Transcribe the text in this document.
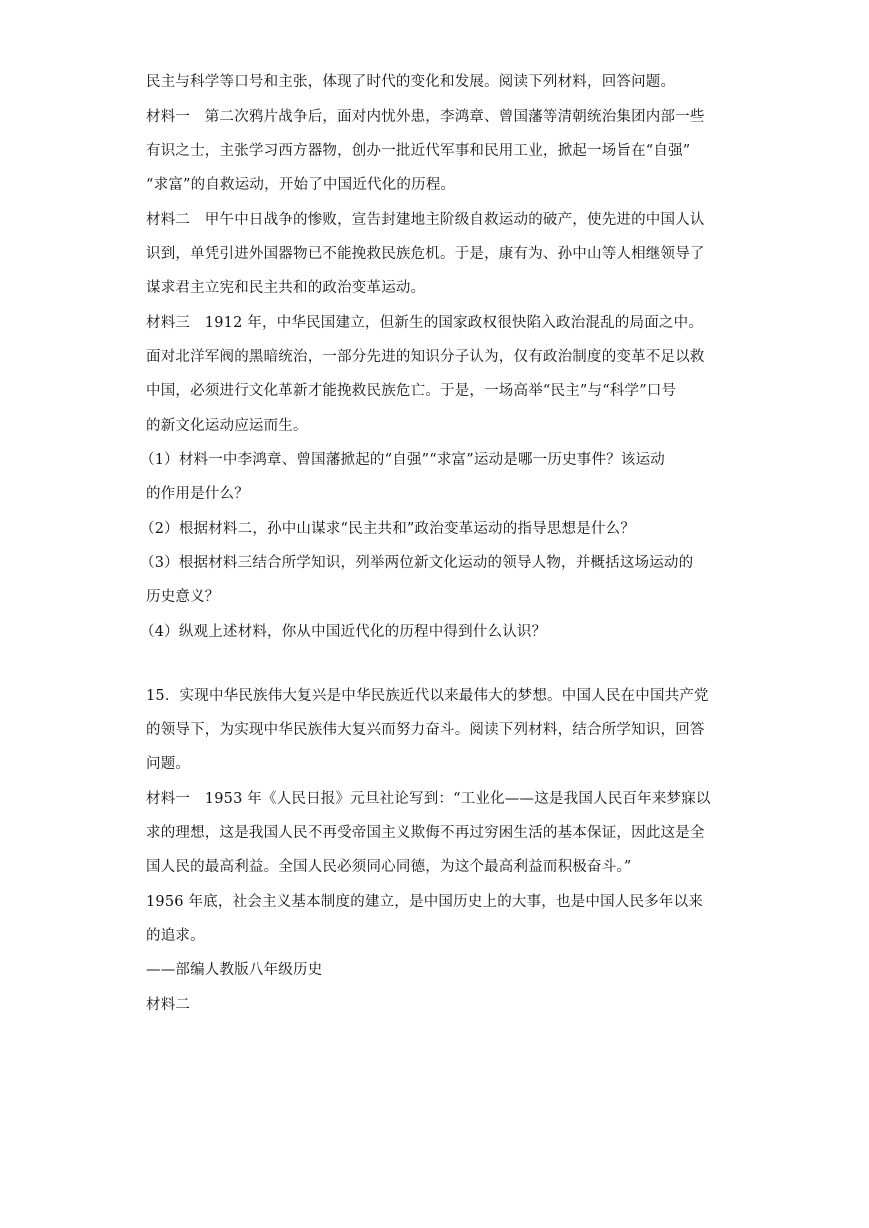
民主与科学等口号和主张，体现了时代的变化和发展。阅读下列材料，回答问题。
材料一　第二次鸦片战争后，面对内忧外患，李鸿章、曾国藩等清朝统治集团内部一些
有识之士，主张学习西方器物，创办一批近代军事和民用工业，掀起一场旨在“自强”
“求富”的自救运动，开始了中国近代化的历程。
材料二　甲午中日战争的惨败，宣告封建地主阶级自救运动的破产，使先进的中国人认
识到，单凭引进外国器物已不能挽救民族危机。于是，康有为、孙中山等人相继领导了
谋求君主立宪和民主共和的政治变革运动。
材料三　1912 年，中华民国建立，但新生的国家政权很快陷入政治混乱的局面之中。
面对北洋军阀的黑暗统治，一部分先进的知识分子认为，仅有政治制度的变革不足以救
中国，必须进行文化革新才能挽救民族危亡。于是，一场高举“民主”与“科学”口号
的新文化运动应运而生。
（1）材料一中李鸿章、曾国藩掀起的“自强”“求富”运动是哪一历史事件？该运动
的作用是什么？
（2）根据材料二，孙中山谋求“民主共和”政治变革运动的指导思想是什么？
（3）根据材料三结合所学知识，列举两位新文化运动的领导人物，并概括这场运动的
历史意义？
（4）纵观上述材料，你从中国近代化的历程中得到什么认识？
15．实现中华民族伟大复兴是中华民族近代以来最伟大的梦想。中国人民在中国共产党
的领导下，为实现中华民族伟大复兴而努力奋斗。阅读下列材料，结合所学知识，回答
问题。
材料一　1953 年《人民日报》元旦社论写到：“工业化——这是我国人民百年来梦寐以
求的理想，这是我国人民不再受帝国主义欺侮不再过穷困生活的基本保证，因此这是全
国人民的最高利益。全国人民必须同心同德，为这个最高利益而积极奋斗。”
1956 年底，社会主义基本制度的建立，是中国历史上的大事，也是中国人民多年以来
的追求。
——部编人教版八年级历史
材料二
